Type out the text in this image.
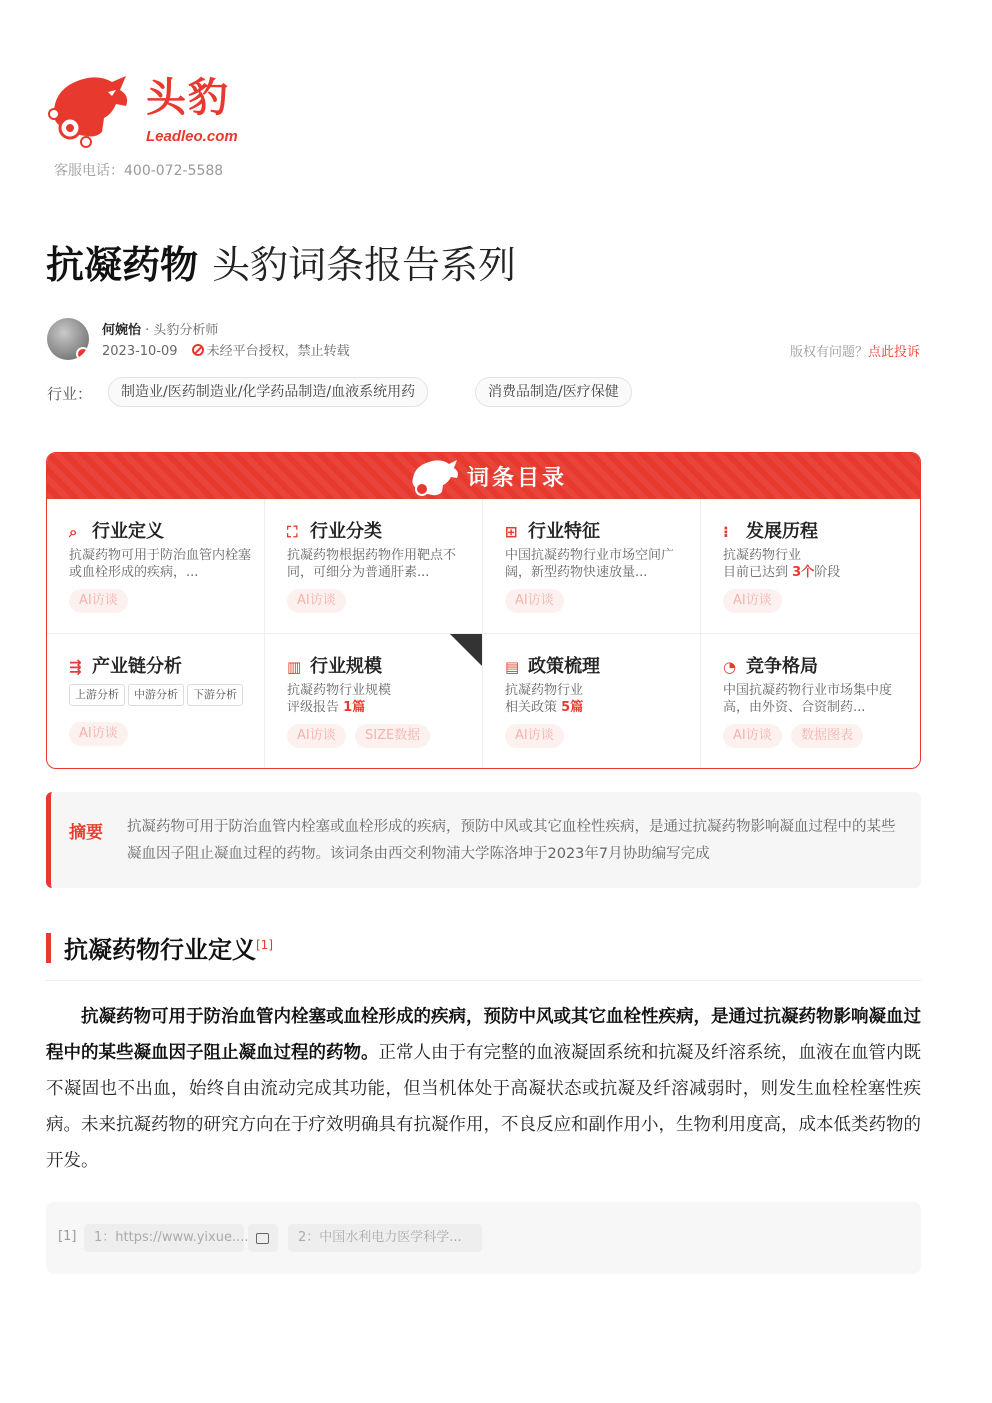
头豹
Leadleo.com
客服电话：400-072-5588
抗凝药物 头豹词条报告系列
何婉怡 · 头豹分析师
2023-10-09 未经平台授权，禁止转载	版权有问题？点此投诉
行业：	制造业/医药制造业/化学药品制造/血液系统用药	消费品制造/医疗保健
词条目录
⌕ 行业定义
抗凝药物可用于防治血管内栓塞或血栓形成的疾病，...
AI访谈
⛶ 行业分类
抗凝药物根据药物作用靶点不同，可细分为普通肝素...
AI访谈
⊞ 行业特征
中国抗凝药物行业市场空间广阔，新型药物快速放量...
AI访谈
⁝ 发展历程
抗凝药物行业
目前已达到 3个阶段
AI访谈
⇶ 产业链分析
上游分析	中游分析	下游分析
AI访谈
▥ 行业规模
抗凝药物行业规模
评级报告 1篇
AI访谈	SIZE数据
▤ 政策梳理
抗凝药物行业
相关政策 5篇
AI访谈
◔ 竞争格局
中国抗凝药物行业市场集中度高，由外资、合资制药...
AI访谈	数据图表
摘要 抗凝药物可用于防治血管内栓塞或血栓形成的疾病，预防中风或其它血栓性疾病，是通过抗凝药物影响凝血过程中的某些凝血因子阻止凝血过程的药物。该词条由西交利物浦大学陈洛坤于2023年7月协助编写完成
抗凝药物行业定义[1]
抗凝药物可用于防治血管内栓塞或血栓形成的疾病，预防中风或其它血栓性疾病，是通过抗凝药物影响凝血过程中的某些凝血因子阻止凝血过程的药物。正常人由于有完整的血液凝固系统和抗凝及纤溶系统，血液在血管内既不凝固也不出血，始终自由流动完成其功能，但当机体处于高凝状态或抗凝及纤溶减弱时，则发生血栓栓塞性疾病。未来抗凝药物的研究方向在于疗效明确具有抗凝作用，不良反应和副作用小，生物利用度高，成本低类药物的开发。
[1]	1：https://www.yixue....	2：中国水利电力医学科学...
